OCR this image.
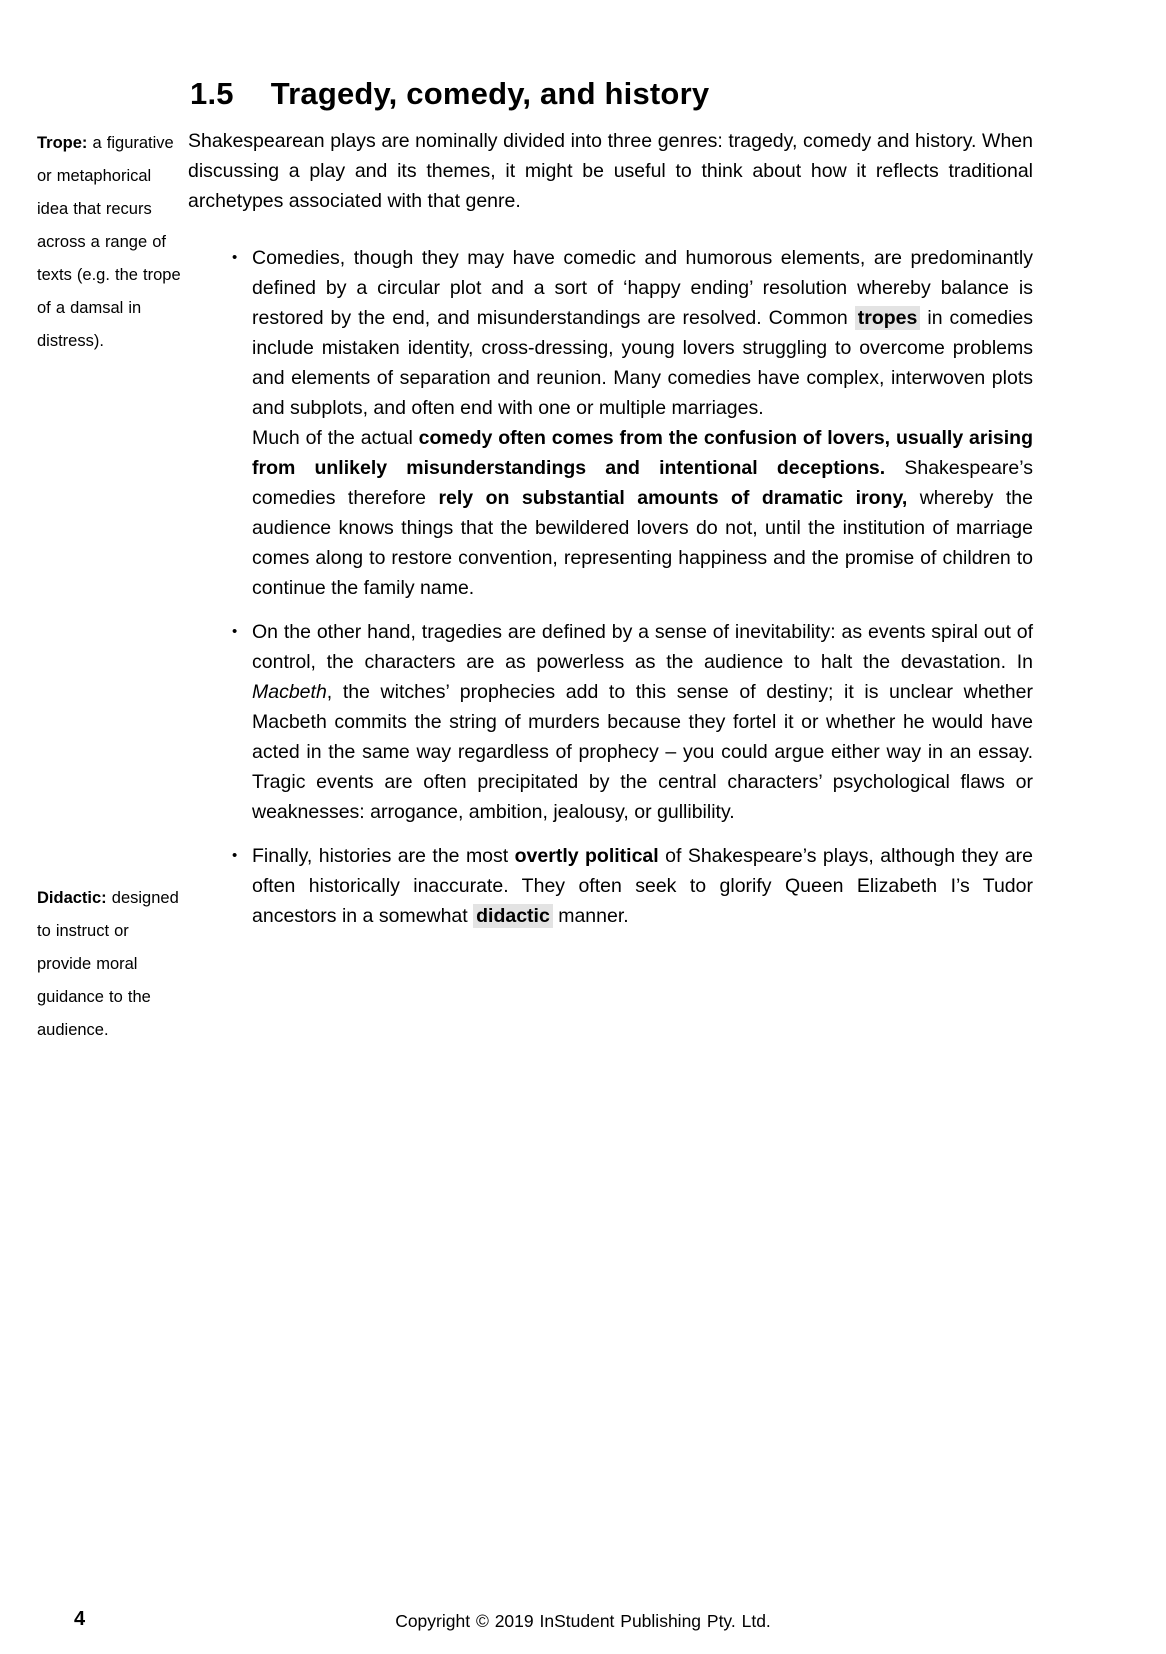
1.5 Tragedy, comedy, and history
Trope: a figurative or metaphorical idea that recurs across a range of texts (e.g. the trope of a damsal in distress).
Didactic: designed to instruct or provide moral guidance to the audience.

Shakespearean plays are nominally divided into three genres: tragedy, comedy and history. When discussing a play and its themes, it might be useful to think about how it reflects traditional archetypes associated with that genre.

• Comedies, though they may have comedic and humorous elements, are predominantly defined by a circular plot and a sort of ‘happy ending’ resolution whereby balance is restored by the end, and misunderstandings are resolved. Common tropes in comedies include mistaken identity, cross-dressing, young lovers struggling to overcome problems and elements of separation and reunion. Many comedies have complex, interwoven plots and subplots, and often end with one or multiple marriages.

Much of the actual comedy often comes from the confusion of lovers, usually arising from unlikely misunderstandings and intentional deceptions. Shakespeare’s comedies therefore rely on substantial amounts of dramatic irony, whereby the audience knows things that the bewildered lovers do not, until the institution of marriage comes along to restore convention, representing happiness and the promise of children to continue the family name.

• On the other hand, tragedies are defined by a sense of inevitability: as events spiral out of control, the characters are as powerless as the audience to halt the devastation. In Macbeth, the witches’ prophecies add to this sense of destiny; it is unclear whether Macbeth commits the string of murders because they fortel it or whether he would have acted in the same way regardless of prophecy – you could argue either way in an essay. Tragic events are often precipitated by the central characters’ psychological flaws or weaknesses: arrogance, ambition, jealousy, or gullibility.

• Finally, histories are the most overtly political of Shakespeare’s plays, although they are often historically inaccurate. They often seek to glorify Queen Elizabeth I’s Tudor ancestors in a somewhat didactic manner.

4	Copyright © 2019 InStudent Publishing Pty. Ltd.
